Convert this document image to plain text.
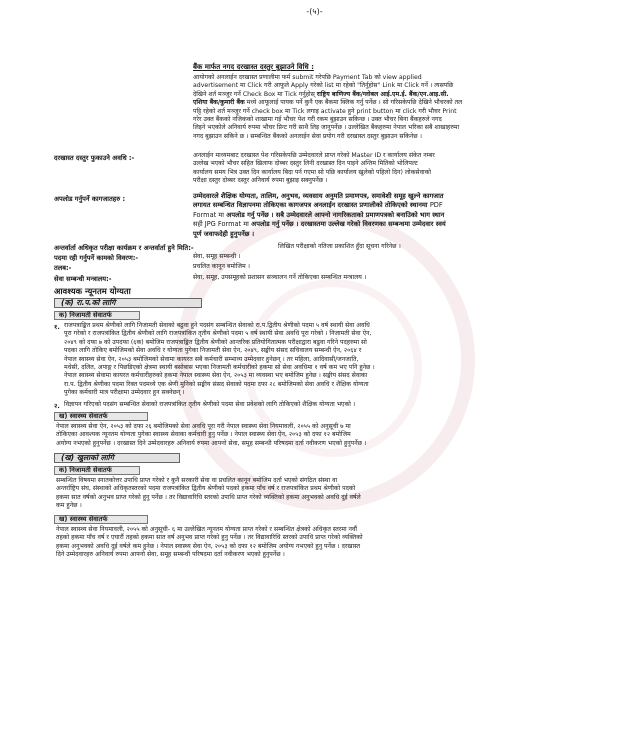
-(५)-
बैंक मार्फत नगद दरखास्त दस्तुर बुझाउने विधि :
आयोगको अनलाईन दरखास्त प्रणालीमा फर्म submit गरेपछि Payment Tab को view applied
advertisement मा Click गरी आफूले Apply गरेको list मा रहेको "तिर्नुहोस" Link मा Click गर्ने । त्यसपछि
देखिने शर्त मञ्जुर गर्ने Check Box मा Tick गर्नुहोस् राष्ट्रिय बाणिज्य बैंक/ग्लोबल आई.एम.ई. बैंक/एन.आइ.सी.
एशिया बैंक/कुमारी बैंक मध्ये आफूलाई पायक पर्ने कुनै एक बैंकमा क्लिक गर्नु पर्नेछ । सो गरिसकेपछि देखिने भौचरको तल
पट्टि रहेको शर्त मञ्जुर गर्ने check box मा Tick लगाइ activate हुने print button मा click गरी भौचर Print
गरेर उक्त बैंकको नजिकको शाखामा गई भौचर पेश गरी रकम बुझाउन सकिन्छ । उक्त भौचर बिना बैंकहरुले नगद
लिइने भएकोले अनिवार्य रुपमा भौचर प्रिन्ट गरी साथै लिइ जानुपर्नेछ । उल्लेखित बैंकहरुमा नेपाल भरिका सबै शाखाहरुमा
नगद बुझाउन सकिने छ । सम्बन्धित बैंकको अनलाईन सेवा प्रयोग गरी दरखास्त दस्तुर बुझाउन सकिनेछ ।
दरखास्त दस्तुर फुकाउने अवधि :-	अनलाईन माध्यमबाट दरखास्त पेश गरिसकेपछि उम्मेदवारले प्राप्त गरेको Master ID र कार्यालय संकेत नम्बर
उल्लेख भएको भौचर सहित खिलाफ दोब्बर दस्तुर लिनी दरखास्त दिन पाइने अन्तिम मितिको भोलिपल्ट
कार्यालय समय भित्र उक्त दिन कार्यालय बिदा पर्न गएमा सो पछि कार्यालय खुलेको पहिलो दिन) लोकसेवाको
परीक्षा दस्तुर दोब्बर दस्तुर अनिवार्य रुपमा बुझाइ सक्नुपर्नेछ ।
अपलोड गर्नुपर्ने कागजातहरु :	उम्मेदवारले शैक्षिक योग्यता, तालिम, अनुभव, व्यवसाय अनुमति प्रमाणपत्र, समावेशी समूह खुल्ने कागजात
लगायत सम्बन्धित विज्ञापनमा तोकिएका कागजपत्र अनलाईन दरखास्त प्रणालीको तोकिएको स्थानमा PDF
Format मा अपलोड गर्नु पर्नेछ । सबै उम्मेदवारले आफ्नो नागरिकताको प्रमाणपत्रको बनाउिको भाग स्थान
सही JPG Format मा अपलोड गर्नु पर्नेछ । दरखास्तमा उल्लेख गरेको विवरणका सम्बन्धमा उम्मेदवार स्वयं
पूर्ण जवाफदेही हुनुपर्नेछ ।
अन्तर्वार्ता अधिकृत परीक्षा कार्यक्रम र अन्तर्वार्ता हुने मिति:-	लिखित परीक्षाको नतिजा प्रकाशित हुँदा सूचना गरिनेछ ।
पदमा रही गर्नुपर्ने कामको विवरण:-	सेवा, समूह सम्बन्धी ।
तलब:-	प्रचलित कानून बमोजिम ।
सेवा सम्बन्धी मन्त्रालय:-	सेवा, समूह, उपसमूहको प्रशासन सञ्चालन गर्ने तोकिएका सम्बन्धित मन्त्रालय ।
आवश्यक न्यूनतम योग्यता
(क) रा.प.को लागि
क) निजामती सेवातर्फ
१. राजपत्राङ्कित प्रथम श्रेणीको लागि निजामती सेवाको बढुवा हुने पदसंग सम्बन्धित सेवाको रा.प.द्वितीय श्रेणीको पदमा ५ वर्ष स्थायी सेवा अवधि
पूरा गरेको र राजपत्रांकित द्वितीय श्रेणीको लागि राजपत्रांकित तृतीय श्रेणीको पदमा ५ वर्ष स्थायी सेवा अवधि पूरा गरेको । निजामती सेवा ऐन,
२०४९ को दफा ७ को उपदफा (६क) बमोजिम राजपत्राङ्कित द्वितीय श्रेणीको आन्तरिक प्रतियोगितात्मक परीक्षाद्वारा बढुवा गरिने पदहरुमा सो
पदका लागि तोकिए बमोजिमको सेवा अवधि र योग्यता पुगेका निजामती सेवा ऐन, २०४९, सङ्घीय संसद सचिवालय सम्बन्धी ऐन, २०६४ र
नेपाल स्वास्थ्य सेवा ऐन, २०५३ बमोजिमको सेवामा कायरत सबै कर्मचारी सम्भाव्य उम्मेदवार हुनेछन् । तर महिला, आदिवासी/जनजाति,
मधेसी, दलित, अपाङ्ग र पिछडिएको क्षेत्रमा स्थायी बसोबास भएका निजामती कर्मचारीको हकमा सो सेवा अवधिमा १ वर्ष कम भए पनि हुनेछ ।
नेपाल स्वास्थ्य सेवामा कायरत कर्मचारीहरुको हकमा नेपाल स्वास्थ्य सेवा ऐन, २०५३ मा व्यवस्था भए बमोजिम हुनेछ । सङ्घीय संसद सेवाका
रा.प. द्वितीय श्रेणीका पदमा रिक्त पदमध्ये एक श्रेणी मुनिको सङ्घीय संसद सेवाको पदमा दफा २८ बमोजिमको सेवा अवधि र शैक्षिक योग्यता
पुगेका कर्मचारी मात्र परीक्षामा उम्मेदवार हुन सक्नेछन् ।
२. विज्ञापन गरिएको पदसंग सम्बन्धित सेवाको राजपत्रांकित तृतीय श्रेणीको पदमा सेवा प्रवेशको लागि तोकिएको शैक्षिक योग्यता भएको ।
ख) स्वास्थ्य सेवातर्फ
नेपाल स्वास्थ्य सेवा ऐन, २०५३ को दफा २६ बमोजिमको सेवा अवधि पूरा गरी नेपाल स्वास्थ्य सेवा नियमावली, २०५५ को अनुसूची ७ मा
तोकिएका आवश्यक न्यूनतम योग्यता पुगेका स्वास्थ्य सेवाका कर्मचारी हुनु पर्नेछ । नेपाल स्वास्थ्य सेवा ऐन, २०५३ को दफा १२ बमोजिम
अयोग्य नभएको हुनुपर्नेछ । दरखास्त दिने उम्मेदवारहरु अनिवार्य रुपमा आफ्नो सेवा, समूह सम्बन्धी परिषदमा दर्ता नवीकरण भएको हुनुपर्नेछ ।
(ख) खुलाको लागि
क) निजामती सेवातर्फ
सम्बन्धित विषयमा स्नातकोत्तर उपाधि प्राप्त गरेको र कुनै सरकारी सेवा वा प्रचलित कानून बमोजिम दर्ता भएको संगठित संस्था वा
अन्तर्राष्ट्रिय संघ, संस्थाको अधिकृतस्तरको पदमा राजपत्रांकित द्वितीय श्रेणीको पदको हकमा पाँच वर्ष र राजपत्रांकित प्रथम श्रेणीको पदको
हकमा सात वर्षको अनुभव प्राप्त गरेको हुनु पर्नेछ । तर विद्यावारिधि स्तरको उपाधि प्राप्त गरेको व्यक्तिको हकमा अनुभवको अवधि दुई वर्षले
कम हुनेछ ।
ख) स्वास्थ्य सेवातर्फ
नेपाल स्वास्थ्य सेवा नियमावली, २०५५ को अनुसूची- ६ मा उल्लेखित न्यूनतम योग्यता प्राप्त गरेको र सम्बन्धित क्षेत्रको अधिकृत स्तरमा नवौं
तहको हकमा पाँच वर्ष र एघारौं तहको हकमा सात वर्ष अनुभव प्राप्त गरेको हुनु पर्नेछ । तर विद्यावारिधि स्तरको उपाधि प्राप्त गरेको व्यक्तिको
हकमा अनुभवको अवधि दुई वर्षले कम हुनेछ । नेपाल स्वास्थ्य सेवा ऐन, २०५३ को दफा १२ बमोजिम अयोग्य नभएको हुनु पर्नेछ । दरखास्त
दिने उम्मेदवारहरु अनिवार्य रुपमा आफ्नो सेवा, समूह सम्बन्धी परिषदमा दर्ता नवीकरण भएको हुनुपर्नेछ ।
